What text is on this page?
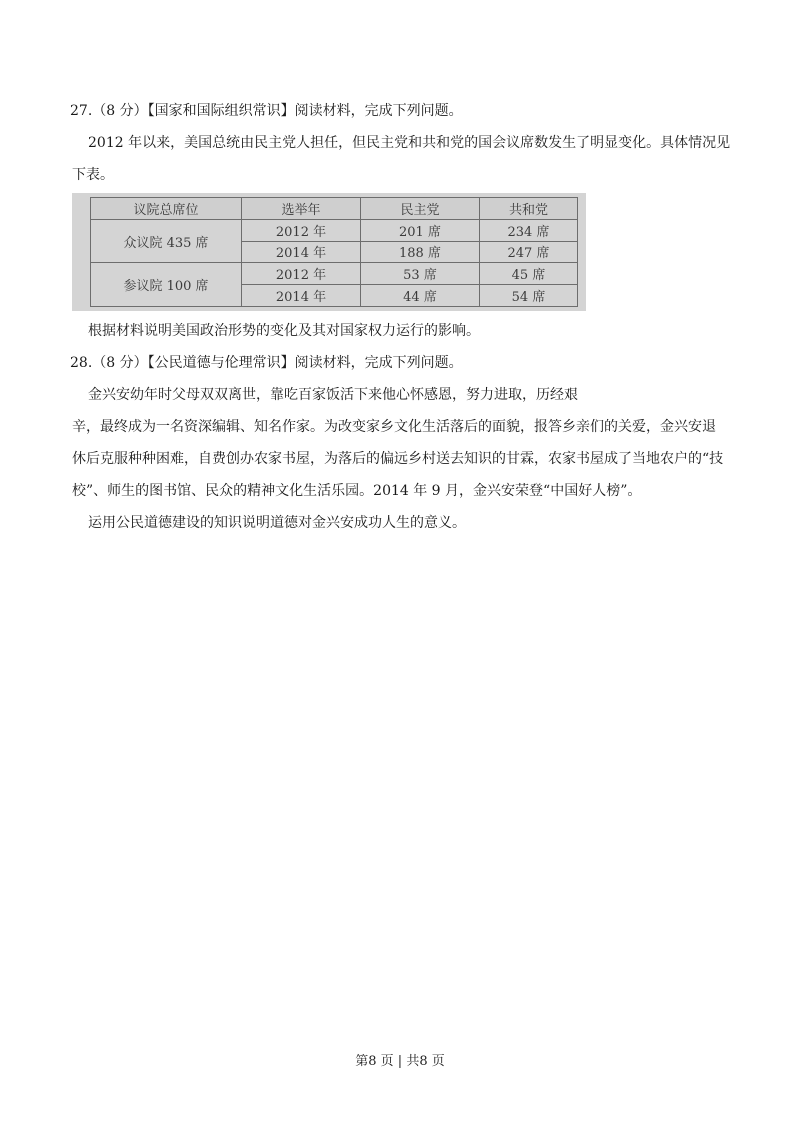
27.（8 分）【国家和国际组织常识】阅读材料，完成下列问题。
2012 年以来，美国总统由民主党人担任，但民主党和共和党的国会议席数发生了明显变化。具体情况见
下表。
议院总席位	选举年	民主党	共和党
众议院 435 席	2012 年	201 席	234 席
	2014 年	188 席	247 席
参议院 100 席	2012 年	53 席	45 席
	2014 年	44 席	54 席
根据材料说明美国政治形势的变化及其对国家权力运行的影响。
28.（8 分）【公民道德与伦理常识】阅读材料，完成下列问题。
金兴安幼年时父母双双离世，靠吃百家饭活下来他心怀感恩，努力进取，历经艰
辛，最终成为一名资深编辑、知名作家。为改变家乡文化生活落后的面貌，报答乡亲们的关爱，金兴安退
休后克服种种困难，自费创办农家书屋，为落后的偏远乡村送去知识的甘霖，农家书屋成了当地农户的“技
校”、师生的图书馆、民众的精神文化生活乐园。2014 年 9 月，金兴安荣登“中国好人榜”。
运用公民道德建设的知识说明道德对金兴安成功人生的意义。
第8 页 | 共8 页
